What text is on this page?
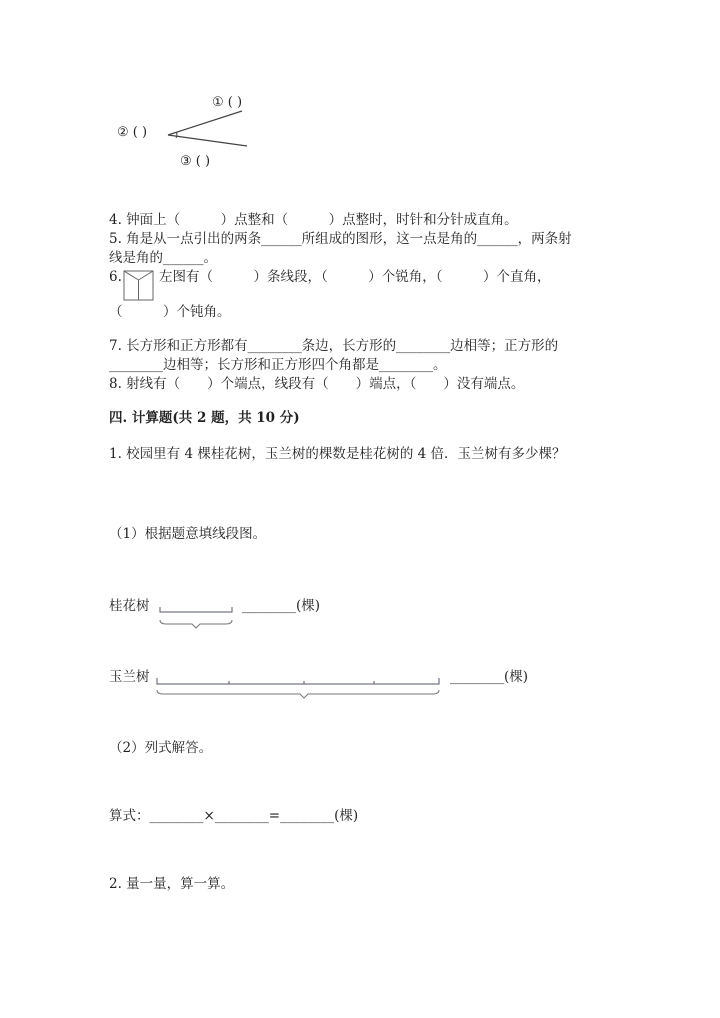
① ( )
② ( )
③ ( )
4. 钟面上（　　　）点整和（　　　）点整时，时针和分针成直角。
5. 角是从一点引出的两条______所组成的图形，这一点是角的______，两条射
线是角的______。
6.	左图有（　　　）条线段，（　　　）个锐角，（　　　）个直角，
（　　　）个钝角。
7. 长方形和正方形都有________条边，长方形的________边相等；正方形的
________边相等；长方形和正方形四个角都是________。
8. 射线有（　　）个端点，线段有（　　）端点，（　　）没有端点。
四. 计算题(共 2 题，共 10 分)
1. 校园里有 4 棵桂花树，玉兰树的棵数是桂花树的 4 倍．玉兰树有多少棵？
（1）根据题意填线段图。
桂花树	________(棵)
玉兰树	________(棵)
（2）列式解答。
算式：________×________=________(棵)
2. 量一量，算一算。
